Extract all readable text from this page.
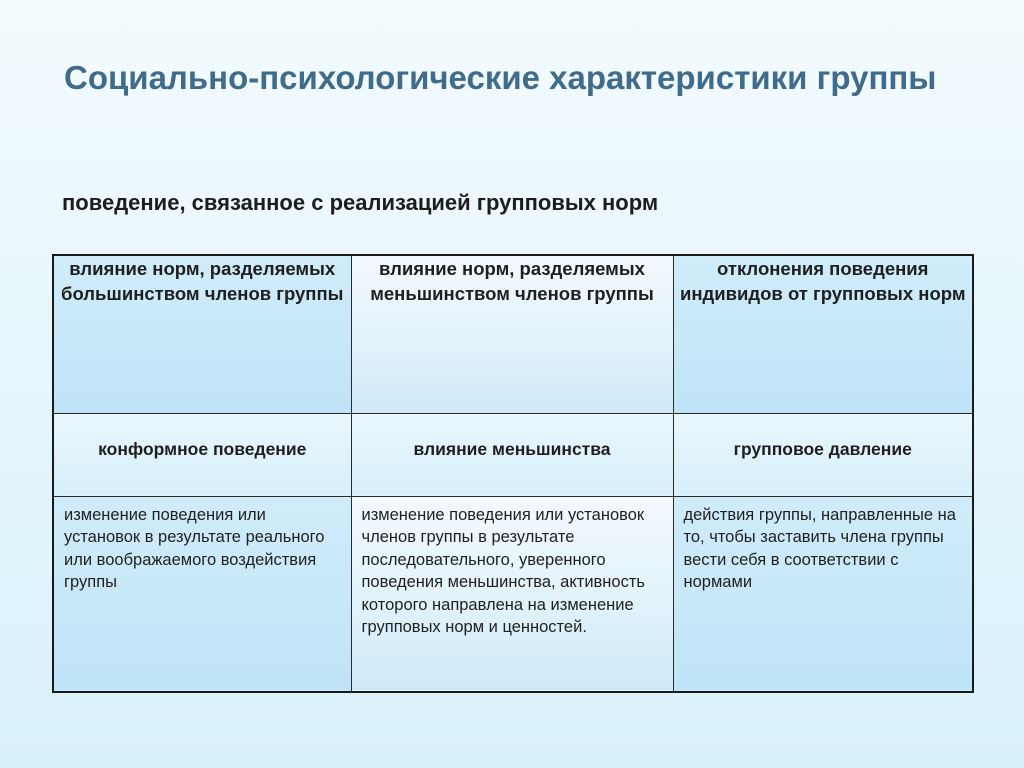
Социально-психологические характеристики группы
поведение, связанное с реализацией групповых норм
влияние норм, разделяемых большинством членов группы	влияние норм, разделяемых меньшинством членов группы	отклонения поведения индивидов от групповых норм
конформное поведение	влияние меньшинства	групповое давление
изменение поведения или установок в результате реального или воображаемого воздействия группы	изменение поведения или установок членов группы в результате последовательного, уверенного поведения меньшинства, активность которого направлена на изменение групповых норм и ценностей.	действия группы, направленные на то, чтобы заставить члена группы вести себя в соответствии с нормами
